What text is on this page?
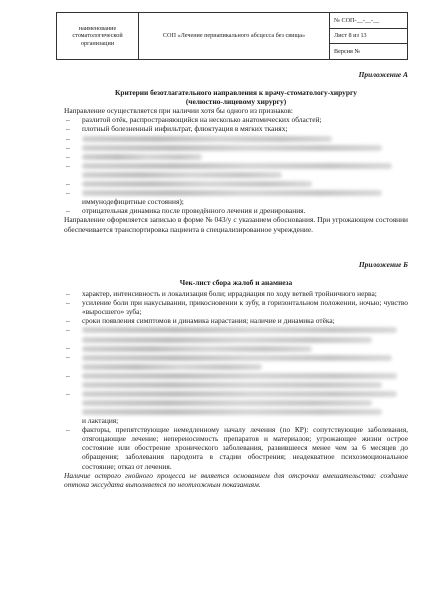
наименование стоматологической организации
СОП «Лечение периапикального абсцесса без свища»
№ СОП-__-__-__
Лист 8 из 13
Версия №

Приложение А

Критерии безотлагательного направления к врачу-стоматологу-хирургу

(челюстно-лицевому хирургу)

Направление осуществляется при наличии хотя бы одного из признаков:

– разлитой отёк, распространяющийся на несколько анатомических областей;
– плотный болезненный инфильтрат, флюктуация в мягких тканях;
–
–
–
–

–

– иммунодефицитные состояния);
– отрицательная динамика после проведённого лечения и дренирования.

Направление оформляется записью в форме № 043/у с указанием обоснования. При угрожающем состоянии обеспечивается транспортировка пациента в специализированное учреждение.

Приложение Б

Чек-лист сбора жалоб и анамнеза

– характер, интенсивность и локализация боли; иррадиация по ходу ветвей тройничного нерва;
– усиление боли при накусывании, прикосновении к зубу, в горизонтальном положении, ночью; чувство «выросшего» зуба;
– сроки появления симптомов и динамика нарастания; наличие и динамика отёка;
–

–
–

–

– и лактация;
– факторы, препятствующие немедленному началу лечения (по КР): сопутствующие заболевания, отягощающие лечение; непереносимость препаратов и материалов; угрожающее жизни острое состояние или обострение хронического заболевания, развившееся менее чем за 6 месяцев до обращения; заболевания пародонта в стадии обострения; неадекватное психоэмоциональное состояние; отказ от лечения.

Наличие острого гнойного процесса не является основанием для отсрочки вмешательства: создание оттока экссудата выполняется по неотложным показаниям.
